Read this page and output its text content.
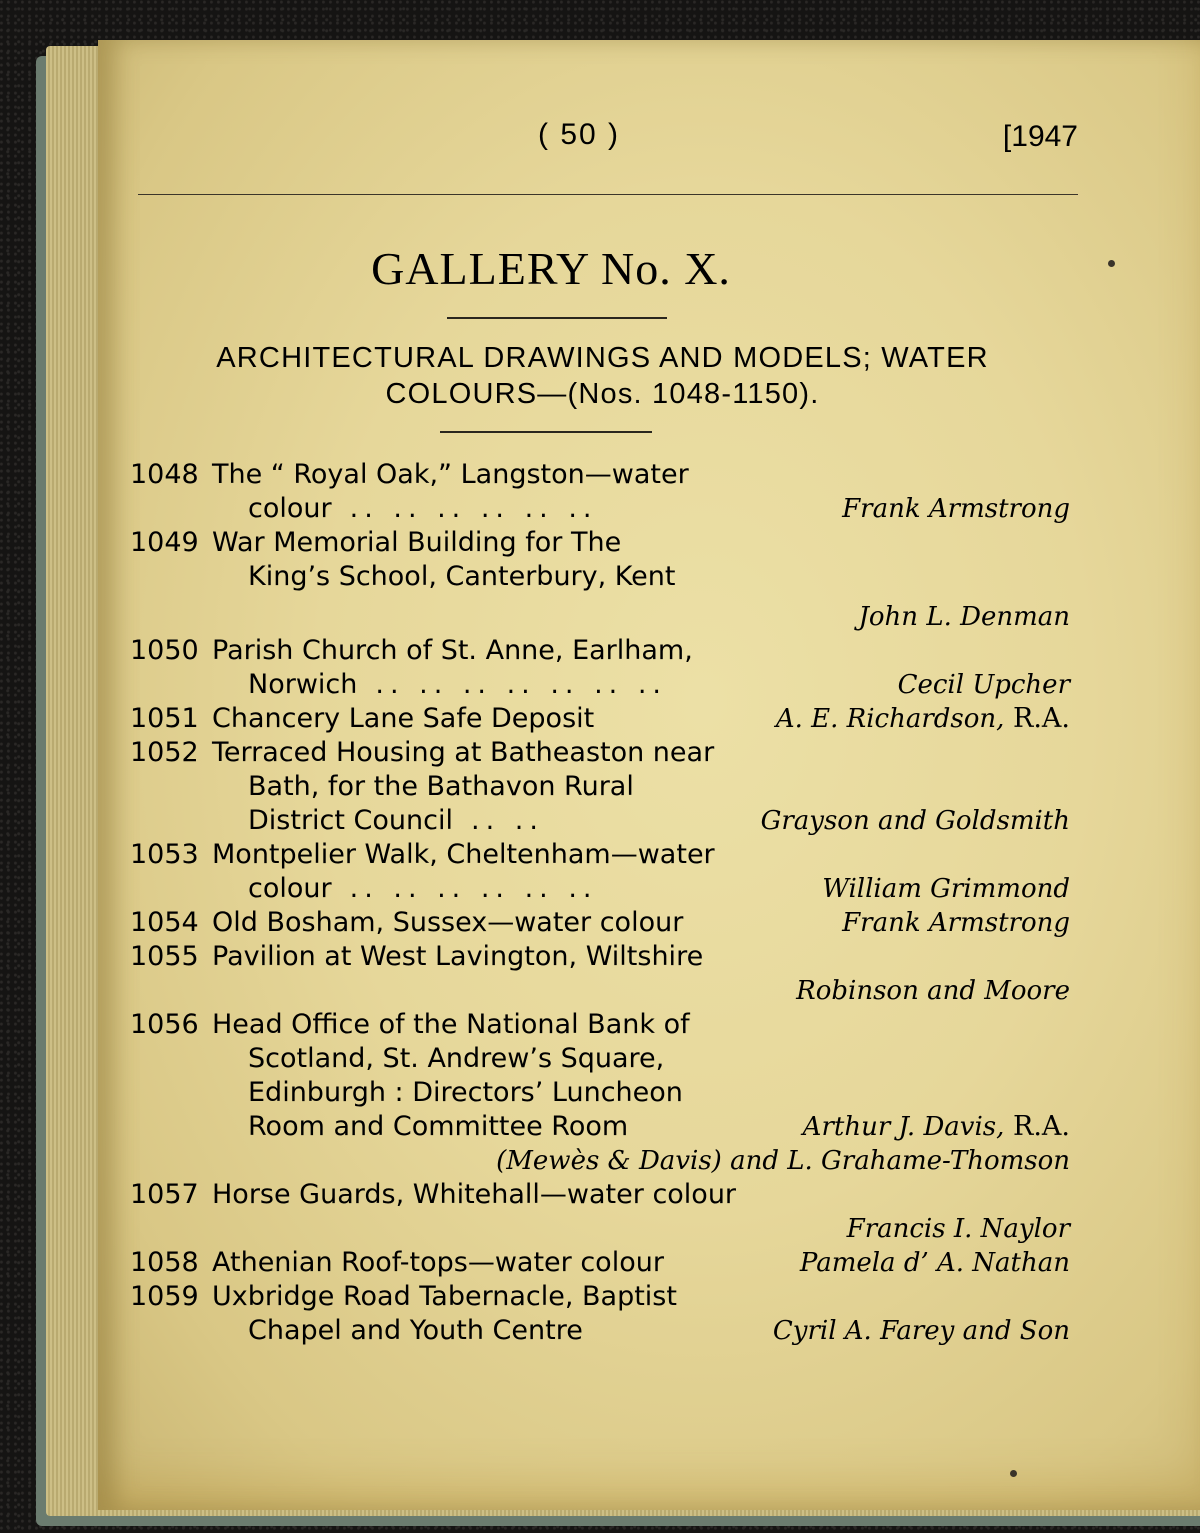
( 50 )	[1947
GALLERY No. X.
ARCHITECTURAL DRAWINGS AND MODELS; WATER
COLOURS—(Nos. 1048-1150).
1048 The “ Royal Oak,” Langston—water
colour .. .. .. .. .. ..	Frank Armstrong
1049 War Memorial Building for The
King’s School, Canterbury, Kent
John L. Denman
1050 Parish Church of St. Anne, Earlham,
Norwich .. .. .. .. .. .. ..	Cecil Upcher
1051 Chancery Lane Safe Deposit	A. E. Richardson, R.A.
1052 Terraced Housing at Batheaston near
Bath, for the Bathavon Rural
District Council .. ..	Grayson and Goldsmith
1053 Montpelier Walk, Cheltenham—water
colour .. .. .. .. .. ..	William Grimmond
1054 Old Bosham, Sussex—water colour	Frank Armstrong
1055 Pavilion at West Lavington, Wiltshire
Robinson and Moore
1056 Head Office of the National Bank of
Scotland, St. Andrew’s Square,
Edinburgh : Directors’ Luncheon
Room and Committee Room	Arthur J. Davis, R.A.
(Mewès & Davis) and L. Grahame-Thomson
1057 Horse Guards, Whitehall—water colour
Francis I. Naylor
1058 Athenian Roof-tops—water colour	Pamela d’ A. Nathan
1059 Uxbridge Road Tabernacle, Baptist
Chapel and Youth Centre	Cyril A. Farey and Son
